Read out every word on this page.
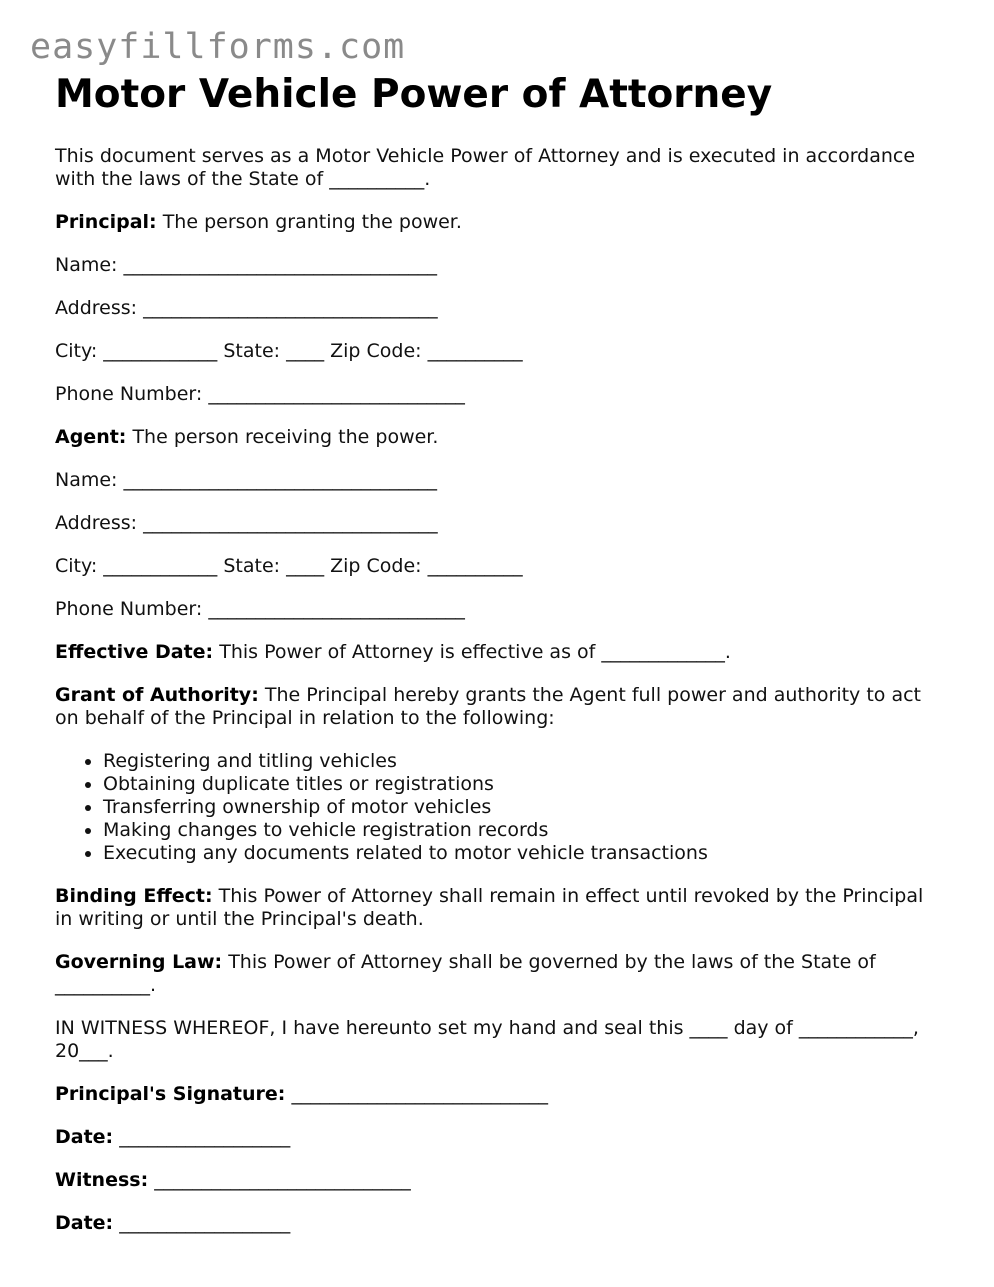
easyfillforms.com
Motor Vehicle Power of Attorney

This document serves as a Motor Vehicle Power of Attorney and is executed in accordance with the laws of the State of __________.

Principal: The person granting the power.

Name: _________________________________

Address: _______________________________

City: ____________ State: ____ Zip Code: __________

Phone Number: ___________________________

Agent: The person receiving the power.

Name: _________________________________

Address: _______________________________

City: ____________ State: ____ Zip Code: __________

Phone Number: ___________________________

Effective Date: This Power of Attorney is effective as of _____________.

Grant of Authority: The Principal hereby grants the Agent full power and authority to act on behalf of the Principal in relation to the following:

• Registering and titling vehicles
• Obtaining duplicate titles or registrations
• Transferring ownership of motor vehicles
• Making changes to vehicle registration records
• Executing any documents related to motor vehicle transactions

Binding Effect: This Power of Attorney shall remain in effect until revoked by the Principal in writing or until the Principal's death.

Governing Law: This Power of Attorney shall be governed by the laws of the State of __________.

IN WITNESS WHEREOF, I have hereunto set my hand and seal this ____ day of ____________, 20___.

Principal's Signature: ___________________________

Date: __________________

Witness: ___________________________

Date: __________________
